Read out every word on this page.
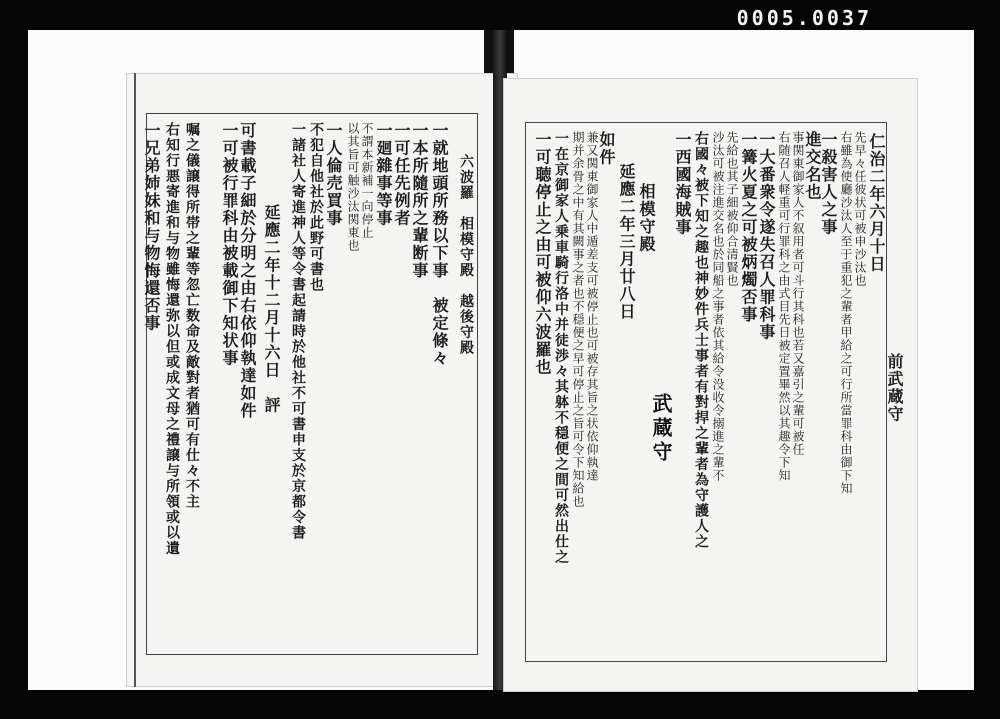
0005.0037
一兄弟姉妹和与物悔還否事 右知行悪寄進和与物雖悔還弥以但或成文母之禮譲与所領或以遺 嘱之儀譲得所帯之輩等忽亡数命及敵對者猶可有仕々不主 一可被行罪科由被載御下知状事 可書載子細於分明之由右依仰執達如件 延應二年十二月十六日　評 一諸社人寄進神人等令書起請時於他社不可書申支於京都令書 不犯自他社於此野可書也 一人倫売買事 以其旨可触沙汰関東也 不謂本新補一向停止 一廻雜事等事 一可任先例者 一本所隨所之輩断事 一就地頭所務以下事　被定條々 六波羅　相模守殿　越後守殿	一可聴停止之由可被仰六波羅也 一在京御家人乗車騎行洛中并徒渉々其躰不穏便之間可然出仕之 期并余骨之中有其闕事之者也不穏便之早可停止之旨可令下知給也 兼又関東御家人中遁差支可被停止也可被存其旨之状依仰執達
如件
延應二年三月廿八日 相模守殿
武蔵守
一西國海賊事 右國々被下知之趣也神妙件兵士事者有對捍之輩者為守護人之 沙汰可被注進交名也於同船之事者依其給令没收令搦進之輩不 先給也其子細被仰合清賢也 一篝火夏之可被炳燭否事 一大番衆令遂失召人罪科事 右随召人軽重可行罪科之由式目先日被定置畢然以其趣令下知 事関東御家人不叙用者可斗行其科也若又嘉引之輩可被任
進交名也
一殺害人之事 右雖為使廳沙汰人至于重犯之輩者甲給之可行所當罪科由御下知 先早々任彼状可被申沙汰也 仁治二年六月十日
前武蔵守
